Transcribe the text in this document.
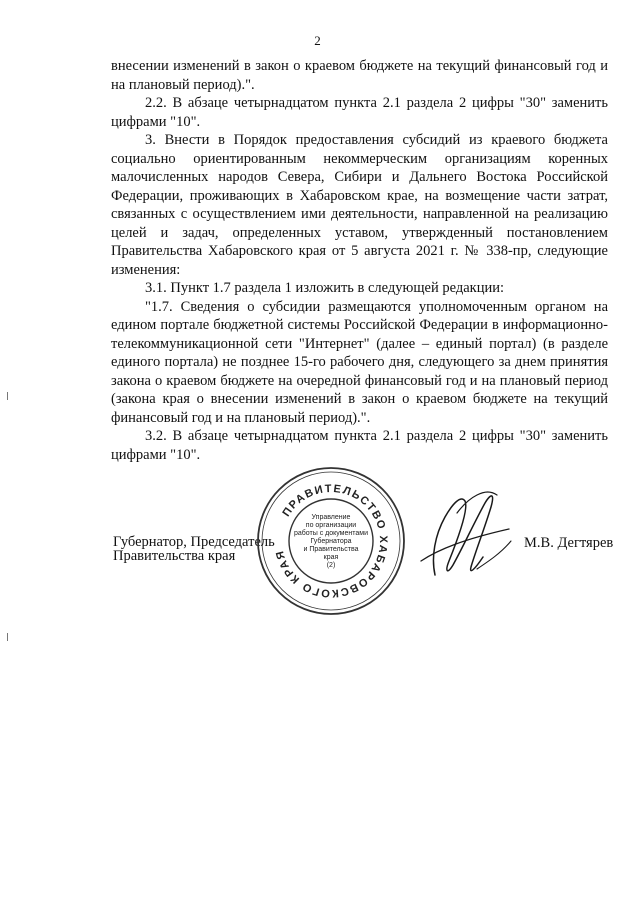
2

внесении изменений в закон о краевом бюджете на текущий финансовый год и на плановый период).".

2.2. В абзаце четырнадцатом пункта 2.1 раздела 2 цифры "30" заменить цифрами "10".

3. Внести в Порядок предоставления субсидий из краевого бюджета социально ориентированным некоммерческим организациям коренных малочисленных народов Севера, Сибири и Дальнего Востока Российской Федерации, проживающих в Хабаровском крае, на возмещение части затрат, связанных с осуществлением ими деятельности, направленной на реализацию целей и задач, определенных уставом, утвержденный постановлением Правительства Хабаровского края от 5 августа 2021 г. № 338-пр, следующие изменения:

3.1. Пункт 1.7 раздела 1 изложить в следующей редакции:

"1.7. Сведения о субсидии размещаются уполномоченным органом на едином портале бюджетной системы Российской Федерации в информационно-телекоммуникационной сети "Интернет" (далее – единый портал) (в разделе единого портала) не позднее 15-го рабочего дня, следующего за днем принятия закона о краевом бюджете на очередной финансовый год и на плановый период (закона края о внесении изменений в закон о краевом бюджете на текущий финансовый год и на плановый период).".

3.2. В абзаце четырнадцатом пункта 2.1 раздела 2 цифры "30" заменить цифрами "10".

Губернатор, Председатель
Правительства края
М.В. Дегтярев
ПРАВИТЕЛЬСТВО ХАБАРОВСКОГО КРАЯ
Управление
по организации
работы с документами
Губернатора
и Правительства
края
(2)
